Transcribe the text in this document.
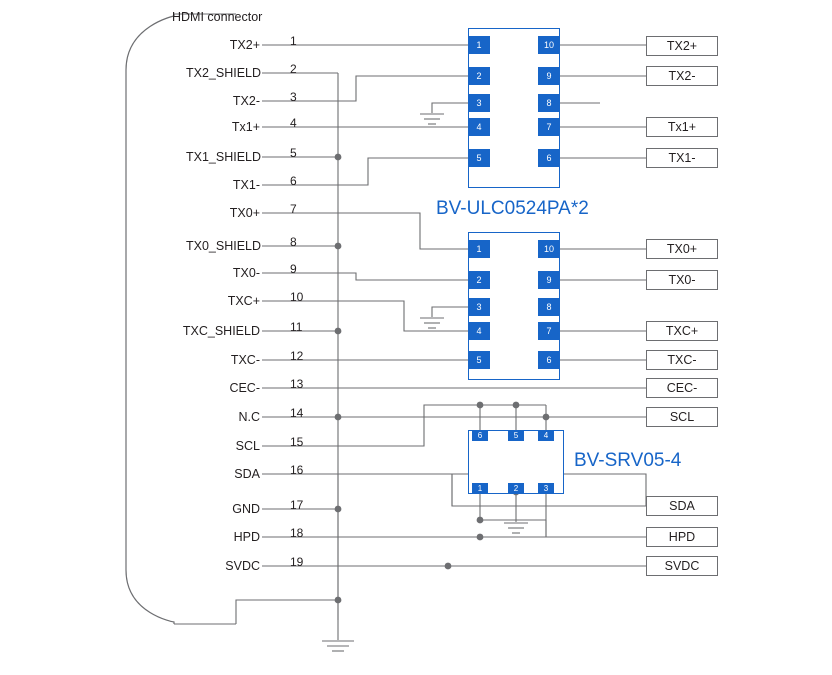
HDMI connector
TX2+	1
TX2_SHIELD 2
TX2-	3
Tx1+	4
TX1_SHIELD 5
TX1-	6
TX0+	7
TX0_SHIELD 8
TX0-	9
TXC+	10
TXC_SHIELD	11
TXC-	12
CEC-	13
N.C	14
SCL	15
SDA	16
GND	17
HPD	18
SVDC	19
1
2
3
4
5
10
9
8
7
6
BV-ULC0524PA*2
1
2
3
4
5
10
9
8
7
6
6	5	4
1	2	3
BV-SRV05-4
TX2+
TX2-
Tx1+
TX1-
TX0+
TX0-
TXC+
TXC-
CEC-
SCL
SDA
HPD
SVDC
